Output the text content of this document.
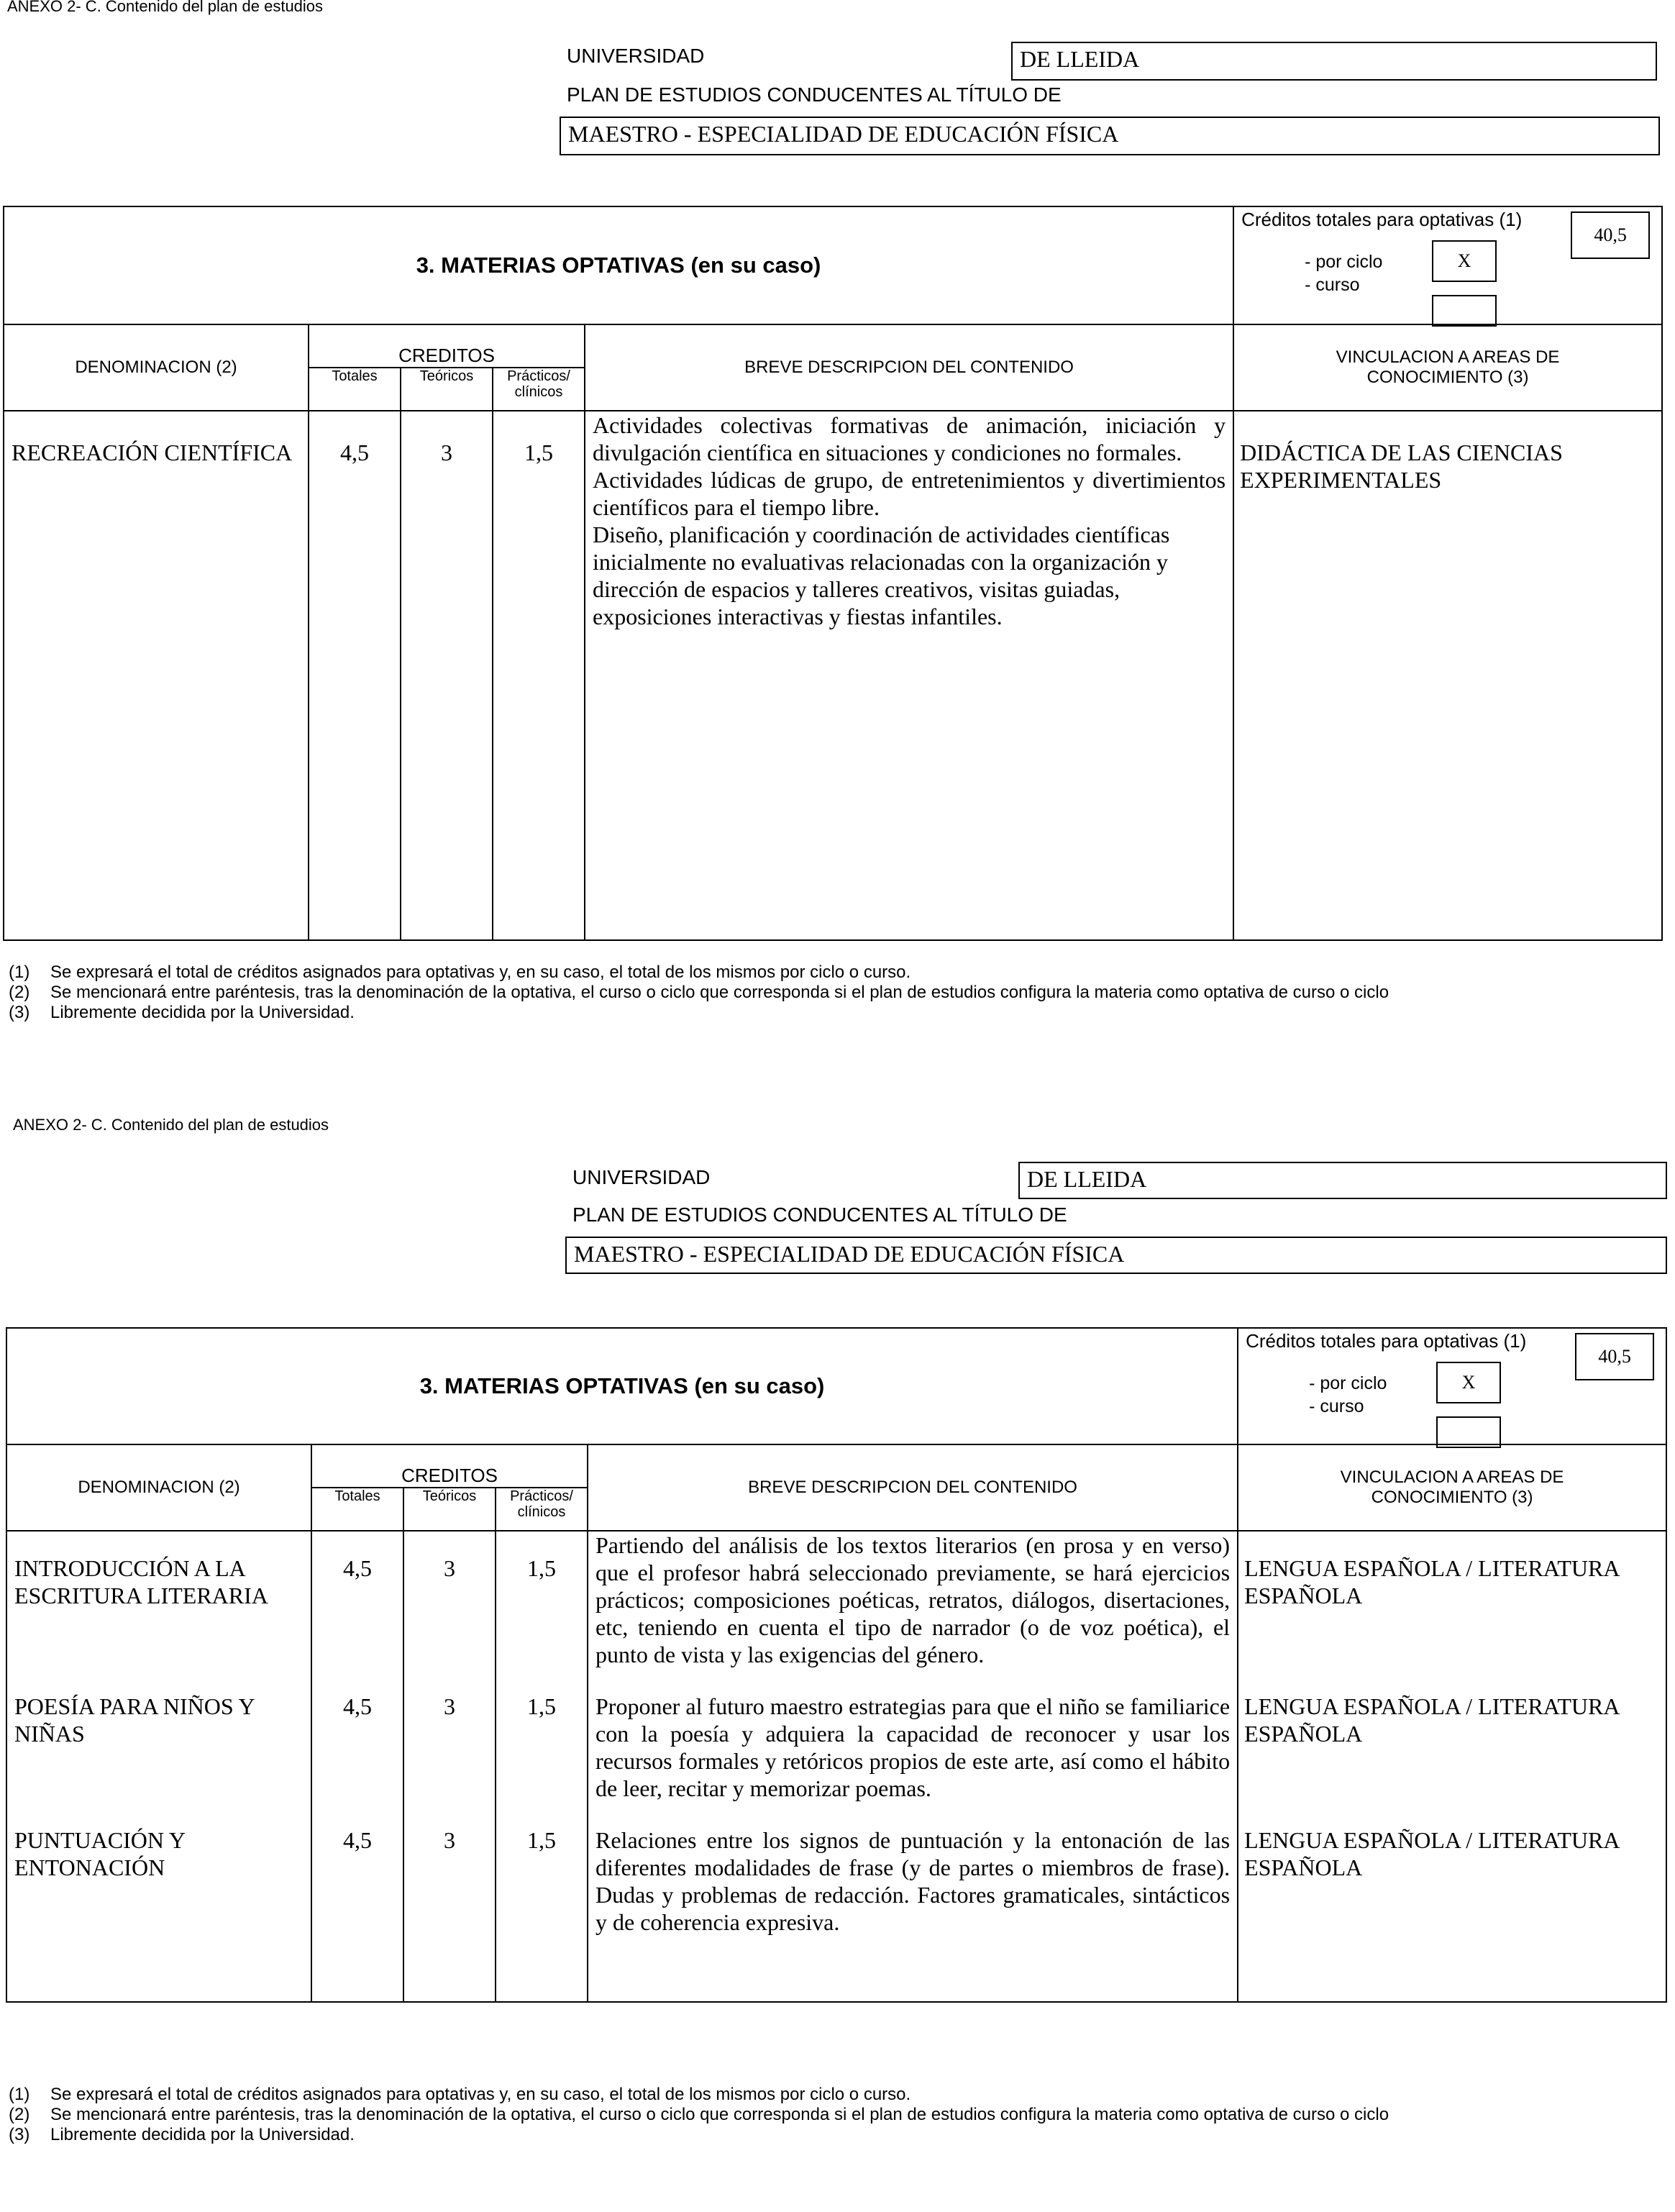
ANEXO 2- C. Contenido del plan de estudios
UNIVERSIDAD	DE LLEIDA
PLAN DE ESTUDIOS CONDUCENTES AL TÍTULO DE
MAESTRO - ESPECIALIDAD DE EDUCACIÓN FÍSICA
3. MATERIAS OPTATIVAS (en su caso)					Créditos totales para optativas (1)
40,5
- por ciclo
- curso
X

DENOMINACION (2)	CREDITOS			BREVE DESCRIPCION DEL CONTENIDO	VINCULACION A AREAS DE CONOCIMIENTO (3)
	Totales	Teóricos	Prácticos/ clínicos		
RECREACIÓN CIENTÍFICA	4,5	3	1,5	Actividades colectivas formativas de animación, iniciación y divulgación científica en situaciones y condiciones no formales.

Actividades lúdicas de grupo, de entretenimientos y divertimientos científicos para el tiempo libre.

Diseño, planificación y coordinación de actividades científicas inicialmente no evaluativas relacionadas con la organización y dirección de espacios y talleres creativos, visitas guiadas, exposiciones interactivas y fiestas infantiles.	DIDÁCTICA DE LAS CIENCIAS EXPERIMENTALES
(1) Se expresará el total de créditos asignados para optativas y, en su caso, el total de los mismos por ciclo o curso.
(2) Se mencionará entre paréntesis, tras la denominación de la optativa, el curso o ciclo que corresponda si el plan de estudios configura la materia como optativa de curso o ciclo
(3) Libremente decidida por la Universidad.
ANEXO 2- C. Contenido del plan de estudios
UNIVERSIDAD	DE LLEIDA
PLAN DE ESTUDIOS CONDUCENTES AL TÍTULO DE
MAESTRO - ESPECIALIDAD DE EDUCACIÓN FÍSICA
3. MATERIAS OPTATIVAS (en su caso)					Créditos totales para optativas (1)
40,5
- por ciclo
- curso
X

DENOMINACION (2)	CREDITOS			BREVE DESCRIPCION DEL CONTENIDO	VINCULACION A AREAS DE CONOCIMIENTO (3)
	Totales	Teóricos	Prácticos/ clínicos		
INTRODUCCIÓN A LA ESCRITURA LITERARIA	4,5	3	1,5	Partiendo del análisis de los textos literarios (en prosa y en verso) que el profesor habrá seleccionado previamente, se hará ejercicios prácticos; composiciones poéticas, retratos, diálogos, disertaciones, etc, teniendo en cuenta el tipo de narrador (o de voz poética), el punto de vista y las exigencias del género.	LENGUA ESPAÑOLA / LITERATURA ESPAÑOLA
POESÍA PARA NIÑOS Y NIÑAS	4,5	3	1,5	Proponer al futuro maestro estrategias para que el niño se familiarice con la poesía y adquiera la capacidad de reconocer y usar los recursos formales y retóricos propios de este arte, así como el hábito de leer, recitar y memorizar poemas.	LENGUA ESPAÑOLA / LITERATURA ESPAÑOLA
PUNTUACIÓN Y ENTONACIÓN	4,5	3	1,5	Relaciones entre los signos de puntuación y la entonación de las diferentes modalidades de frase (y de partes o miembros de frase). Dudas y problemas de redacción. Factores gramaticales, sintácticos y de coherencia expresiva.	LENGUA ESPAÑOLA / LITERATURA ESPAÑOLA
(1) Se expresará el total de créditos asignados para optativas y, en su caso, el total de los mismos por ciclo o curso.
(2) Se mencionará entre paréntesis, tras la denominación de la optativa, el curso o ciclo que corresponda si el plan de estudios configura la materia como optativa de curso o ciclo
(3) Libremente decidida por la Universidad.
